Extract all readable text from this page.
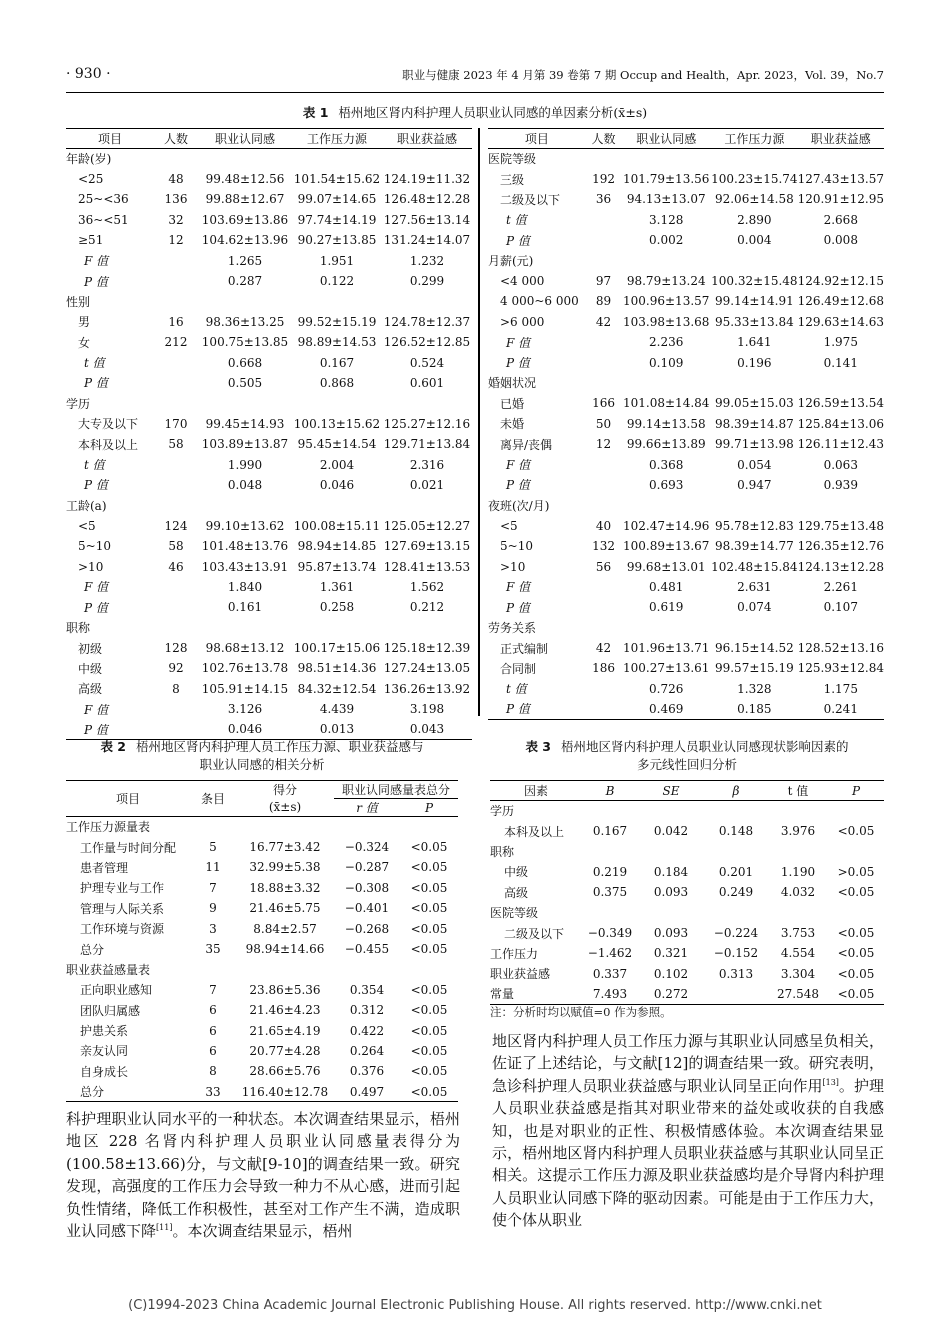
· 930 ·	职业与健康 2023 年 4 月第 39 卷第 7 期 Occup and Health，Apr. 2023，Vol. 39，No.7
表 1 梧州地区肾内科护理人员职业认同感的单因素分析(x̄±s)
项目	人数	职业认同感	工作压力源	职业获益感
年龄(岁)				
<25	48	99.48±12.56	101.54±15.62	124.19±11.32
25~<36	136	99.88±12.67	99.07±14.65	126.48±12.28
36~<51	32	103.69±13.86	97.74±14.19	127.56±13.14
≥51	12	104.62±13.96	90.27±13.85	131.24±14.07
F 值		1.265	1.951	1.232
P 值		0.287	0.122	0.299
性别				
男	16	98.36±13.25	99.52±15.19	124.78±12.37
女	212	100.75±13.85	98.89±14.53	126.52±12.85
t 值		0.668	0.167	0.524
P 值		0.505	0.868	0.601
学历				
大专及以下	170	99.45±14.93	100.13±15.62	125.27±12.16
本科及以上	58	103.89±13.87	95.45±14.54	129.71±13.84
t 值		1.990	2.004	2.316
P 值		0.048	0.046	0.021
工龄(a)				
<5	124	99.10±13.62	100.08±15.11	125.05±12.27
5~10	58	101.48±13.76	98.94±14.85	127.69±13.15
>10	46	103.43±13.91	95.87±13.74	128.41±13.53
F 值		1.840	1.361	1.562
P 值		0.161	0.258	0.212
职称				
初级	128	98.68±13.12	100.17±15.06	125.18±12.39
中级	92	102.76±13.78	98.51±14.36	127.24±13.05
高级	8	105.91±14.15	84.32±12.54	136.26±13.92
F 值		3.126	4.439	3.198
P 值		0.046	0.013	0.043
项目	人数	职业认同感	工作压力源	职业获益感
医院等级				
三级	192	101.79±13.56	100.23±15.74	127.43±13.57
二级及以下	36	94.13±13.07	92.06±14.58	120.91±12.95
t 值		3.128	2.890	2.668
P 值		0.002	0.004	0.008
月薪(元)				
<4 000	97	98.79±13.24	100.32±15.48	124.92±12.15
4 000~6 000	89	100.96±13.57	99.14±14.91	126.49±12.68
>6 000	42	103.98±13.68	95.33±13.84	129.63±14.63
F 值		2.236	1.641	1.975
P 值		0.109	0.196	0.141
婚姻状况				
已婚	166	101.08±14.84	99.05±15.03	126.59±13.54
未婚	50	99.14±13.58	98.39±14.87	125.84±13.06
离异/丧偶	12	99.66±13.89	99.71±13.98	126.11±12.43
F 值		0.368	0.054	0.063
P 值		0.693	0.947	0.939
夜班(次/月)				
<5	40	102.47±14.96	95.78±12.83	129.75±13.48
5~10	132	100.89±13.67	98.39±14.77	126.35±12.76
>10	56	99.68±13.01	102.48±15.84	124.13±12.28
F 值		0.481	2.631	2.261
P 值		0.619	0.074	0.107
劳务关系				
正式编制	42	101.96±13.71	96.15±14.52	128.52±13.16
合同制	186	100.27±13.61	99.57±15.19	125.93±12.84
t 值		0.726	1.328	1.175
P 值		0.469	0.185	0.241
表 2 梧州地区肾内科护理人员工作压力源、职业获益感与
职业认同感的相关分析
项目	条目	得分	职业认同感量表总分	
		(x̄±s)	r 值	P
工作压力源量表				
工作量与时间分配	5	16.77±3.42	−0.324	<0.05
患者管理	11	32.99±5.38	−0.287	<0.05
护理专业与工作	7	18.88±3.32	−0.308	<0.05
管理与人际关系	9	21.46±5.75	−0.401	<0.05
工作环境与资源	3	8.84±2.57	−0.268	<0.05
总分	35	98.94±14.66	−0.455	<0.05
职业获益感量表				
正向职业感知	7	23.86±5.36	0.354	<0.05
团队归属感	6	21.46±4.23	0.312	<0.05
护患关系	6	21.65±4.19	0.422	<0.05
亲友认同	6	20.77±4.28	0.264	<0.05
自身成长	8	28.66±5.76	0.376	<0.05
总分	33	116.40±12.78	0.497	<0.05
表 3 梧州地区肾内科护理人员职业认同感现状影响因素的
多元线性回归分析
因素	B	SE	β	t 值	P
学历					
本科及以上	0.167	0.042	0.148	3.976	<0.05
职称					
中级	0.219	0.184	0.201	1.190	>0.05
高级	0.375	0.093	0.249	4.032	<0.05
医院等级					
二级及以下	−0.349	0.093	−0.224	3.753	<0.05
工作压力	−1.462	0.321	−0.152	4.554	<0.05
职业获益感	0.337	0.102	0.313	3.304	<0.05
常量	7.493	0.272		27.548	<0.05
注：分析时均以赋值=0 作为参照。
科护理职业认同水平的一种状态。本次调查结果显示，梧州地区 228 名肾内科护理人员职业认同感量表得分为(100.58±13.66)分，与文献[9-10]的调查结果一致。研究发现，高强度的工作压力会导致一种力不从心感，进而引起负性情绪，降低工作积极性，甚至对工作产生不满，造成职业认同感下降[11]。本次调查结果显示，梧州
地区肾内科护理人员工作压力源与其职业认同感呈负相关，佐证了上述结论，与文献[12]的调查结果一致。研究表明，急诊科护理人员职业获益感与职业认同呈正向作用[13]。护理人员职业获益感是指其对职业带来的益处或收获的自我感知，也是对职业的正性、积极情感体验。本次调查结果显示，梧州地区肾内科护理人员职业获益感与其职业认同呈正相关。这提示工作压力源及职业获益感均是介导肾内科护理人员职业认同感下降的驱动因素。可能是由于工作压力大，使个体从职业
(C)1994-2023 China Academic Journal Electronic Publishing House. All rights reserved. http://www.cnki.net
